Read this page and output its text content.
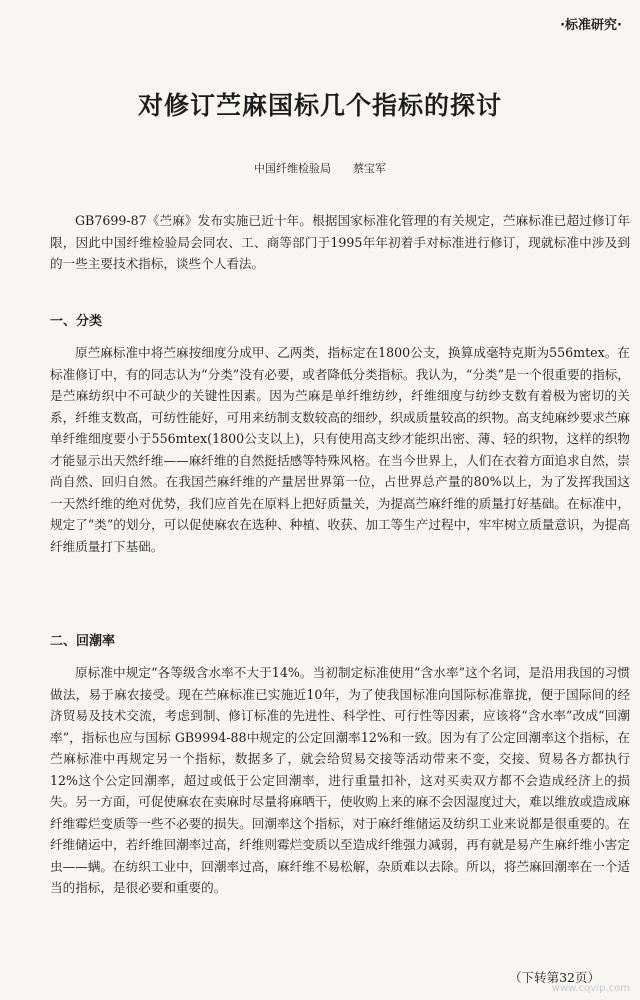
·标准研究·
对修订苎麻国标几个指标的探讨
中国纤维检验局 蔡宝军

GB7699-87《苎麻》发布实施已近十年。根据国家标准化管理的有关规定，苎麻标准已超过修订年限，因此中国纤维检验局会同农、工、商等部门于1995年年初着手对标准进行修订，现就标准中涉及到的一些主要技术指标，谈些个人看法。

一、分类

原苎麻标准中将苎麻按细度分成甲、乙两类，指标定在1800公支，换算成毫特克斯为556mtex。在标准修订中，有的同志认为“分类”没有必要，或者降低分类指标。我认为，“分类”是一个很重要的指标，是苎麻纺织中不可缺少的关键性因素。因为苎麻是单纤维纺纱，纤维细度与纺纱支数有着极为密切的关系，纤维支数高，可纺性能好，可用来纺制支数较高的细纱，织成质量较高的织物。高支纯麻纱要求苎麻单纤维细度要小于556mtex(1800公支以上)，只有使用高支纱才能织出密、薄、轻的织物，这样的织物才能显示出天然纤维——麻纤维的自然挺括感等特殊风格。在当今世界上，人们在衣着方面追求自然，崇尚自然、回归自然。在我国苎麻纤维的产量居世界第一位，占世界总产量的80%以上，为了发挥我国这一天然纤维的绝对优势，我们应首先在原料上把好质量关，为提高苎麻纤维的质量打好基础。在标准中，规定了“类”的划分，可以促使麻农在选种、种植、收获、加工等生产过程中，牢牢树立质量意识，为提高纤维质量打下基础。

二、回潮率

原标准中规定“各等级含水率不大于14%。当初制定标准使用“含水率”这个名词，是沿用我国的习惯做法，易于麻农接受。现在苎麻标准已实施近10年，为了使我国标准向国际标准靠拢，便于国际间的经济贸易及技术交流，考虑到制、修订标准的先进性、科学性、可行性等因素，应该将“含水率”改成“回潮率”，指标也应与国标 GB9994-88中规定的公定回潮率12%和一致。因为有了公定回潮率这个指标，在苎麻标准中再规定另一个指标，数据多了，就会给贸易交接等活动带来不变，交接、贸易各方都执行12%这个公定回潮率，超过或低于公定回潮率，进行重量扣补，这对买卖双方都不会造成经济上的损失。另一方面，可促使麻农在卖麻时尽量将麻晒干，使收购上来的麻不会因湿度过大，难以维放或造成麻纤维霉烂变质等一些不必要的损失。回潮率这个指标，对于麻纤维储运及纺织工业来说都是很重要的。在纤维储运中，若纤维回潮率过高，纤维则霉烂变质以至造成纤维强力减弱，再有就是易产生麻纤维小害定虫——螨。在纺织工业中，回潮率过高，麻纤维不易松解，杂质难以去除。所以，将苎麻回潮率在一个适当的指标，是很必要和重要的。

（下转第32页）
www.cqvip.com
